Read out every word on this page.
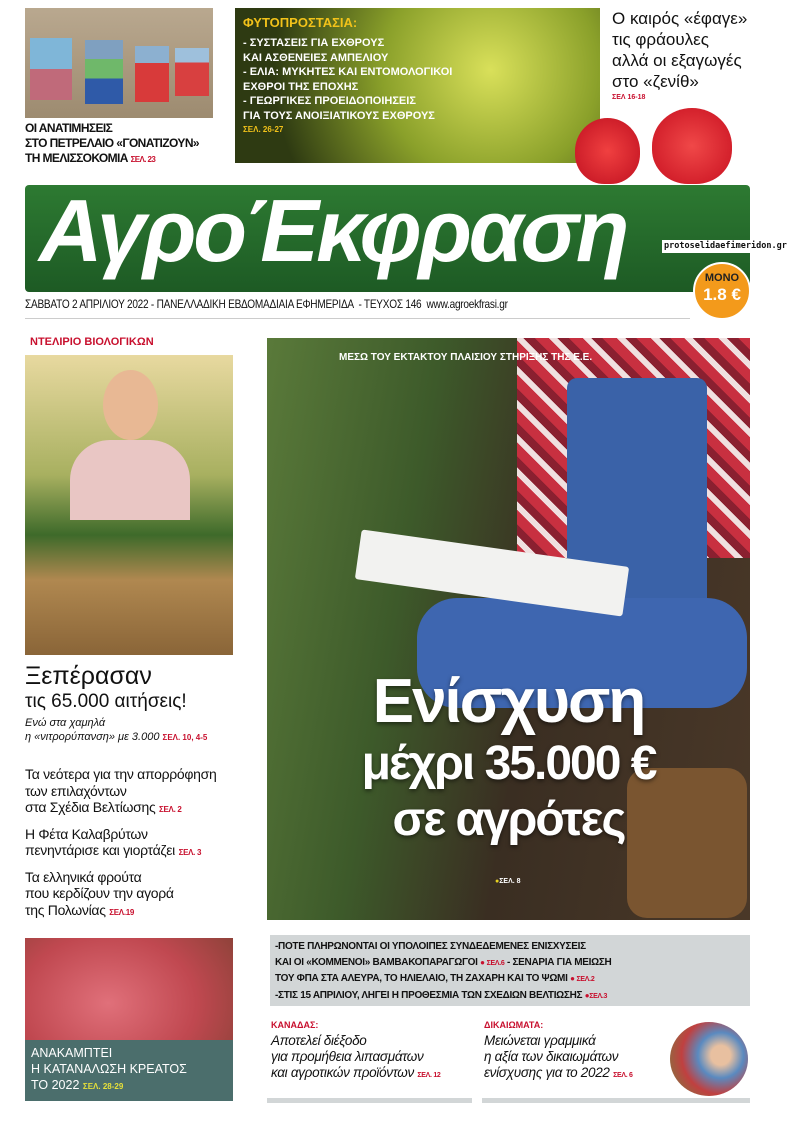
ΟΙ ΑΝΑΤΙΜΗΣΕΙΣ
ΣΤΟ ΠΕΤΡΕΛΑΙΟ «ΓΟΝΑΤΙΖΟΥΝ»
ΤΗ ΜΕΛΙΣΣΟΚΟΜΙΑ ΣΕΛ. 23
ΦΥΤΟΠΡΟΣΤΑΣΙΑ:
- ΣΥΣΤΑΣΕΙΣ ΓΙΑ ΕΧΘΡΟΥΣ
ΚΑΙ ΑΣΘΕΝΕΙΕΣ ΑΜΠΕΛΙΟΥ
- ΕΛΙΑ: ΜΥΚΗΤΕΣ ΚΑΙ ΕΝΤΟΜΟΛΟΓΙΚΟΙ
ΕΧΘΡΟΙ ΤΗΣ ΕΠΟΧΗΣ
- ΓΕΩΡΓΙΚΕΣ ΠΡΟΕΙΔΟΠΟΙΗΣΕΙΣ
ΓΙΑ ΤΟΥΣ ΑΝΟΙΞΙΑΤΙΚΟΥΣ ΕΧΘΡΟΥΣ
ΣΕΛ. 26-27
Ο καιρός «έφαγε»
τις φράουλες
αλλά οι εξαγωγές
στο «ζενίθ»
ΣΕΛ 16-18
ΑγροΈκφραση	protoselidaefimeridon.gr
ΜΟΝΟ
1.8 €
ΣΑΒΒΑΤΟ 2 ΑΠΡΙΛΙΟΥ 2022 - ΠΑΝΕΛΛΑΔΙΚΗ ΕΒΔΟΜΑΔΙΑΙΑ ΕΦΗΜΕΡΙΔΑ  - ΤΕΥΧΟΣ 146  www.agroekfrasi.gr
ΝΤΕΛΙΡΙΟ ΒΙΟΛΟΓΙΚΩΝ
Ξεπέρασαν
τις 65.000 αιτήσεις!
Ενώ στα χαμηλά
η «νιτρορύπανση» με 3.000 ΣΕΛ. 10, 4-5
Τα νεότερα για την απορρόφηση
των επιλαχόντων
στα Σχέδια Βελτίωσης ΣΕΛ. 2
Η Φέτα Καλαβρύτων
πενηντάρισε και γιορτάζει ΣΕΛ. 3
Τα ελληνικά φρούτα
που κερδίζουν την αγορά
της Πολωνίας ΣΕΛ.19
ΑΝΑΚΑΜΠΤΕΙ
Η ΚΑΤΑΝΑΛΩΣΗ ΚΡΕΑΤΟΣ
ΤΟ 2022 ΣΕΛ. 28-29
ΜΕΣΩ ΤΟΥ ΕΚΤΑΚΤΟΥ ΠΛΑΙΣΙΟΥ ΣΤΗΡΙΞΗΣ ΤΗΣ Ε.Ε.
Ενίσχυση
μέχρι 35.000 €
σε αγρότες
●ΣΕΛ. 8
-ΠΟΤΕ ΠΛΗΡΩΝΟΝΤΑΙ ΟΙ ΥΠΟΛΟΙΠΕΣ ΣΥΝΔΕΔΕΜΕΝΕΣ ΕΝΙΣΧΥΣΕΙΣ
ΚΑΙ ΟΙ «ΚΟΜΜΕΝΟΙ» ΒΑΜΒΑΚΟΠΑΡΑΓΩΓΟΙ ● ΣΕΛ.6 - ΣΕΝΑΡΙΑ ΓΙΑ ΜΕΙΩΣΗ
ΤΟΥ ΦΠΑ ΣΤΑ ΑΛΕΥΡΑ, ΤΟ ΗΛΙΕΛΑΙΟ, ΤΗ ΖΑΧΑΡΗ ΚΑΙ ΤΟ ΨΩΜΙ ● ΣΕΛ.2
-ΣΤΙΣ 15 ΑΠΡΙΛΙΟΥ, ΛΗΓΕΙ Η ΠΡΟΘΕΣΜΙΑ ΤΩΝ ΣΧΕΔΙΩΝ ΒΕΛΤΙΩΣΗΣ ●ΣΕΛ.3
ΚΑΝΑΔΑΣ:
Αποτελεί διέξοδο
για προμήθεια λιπασμάτων
και αγροτικών προϊόντων ΣΕΛ. 12
ΔΙΚΑΙΩΜΑΤΑ:
Μειώνεται γραμμικά
η αξία των δικαιωμάτων
ενίσχυσης για το 2022 ΣΕΛ. 6
